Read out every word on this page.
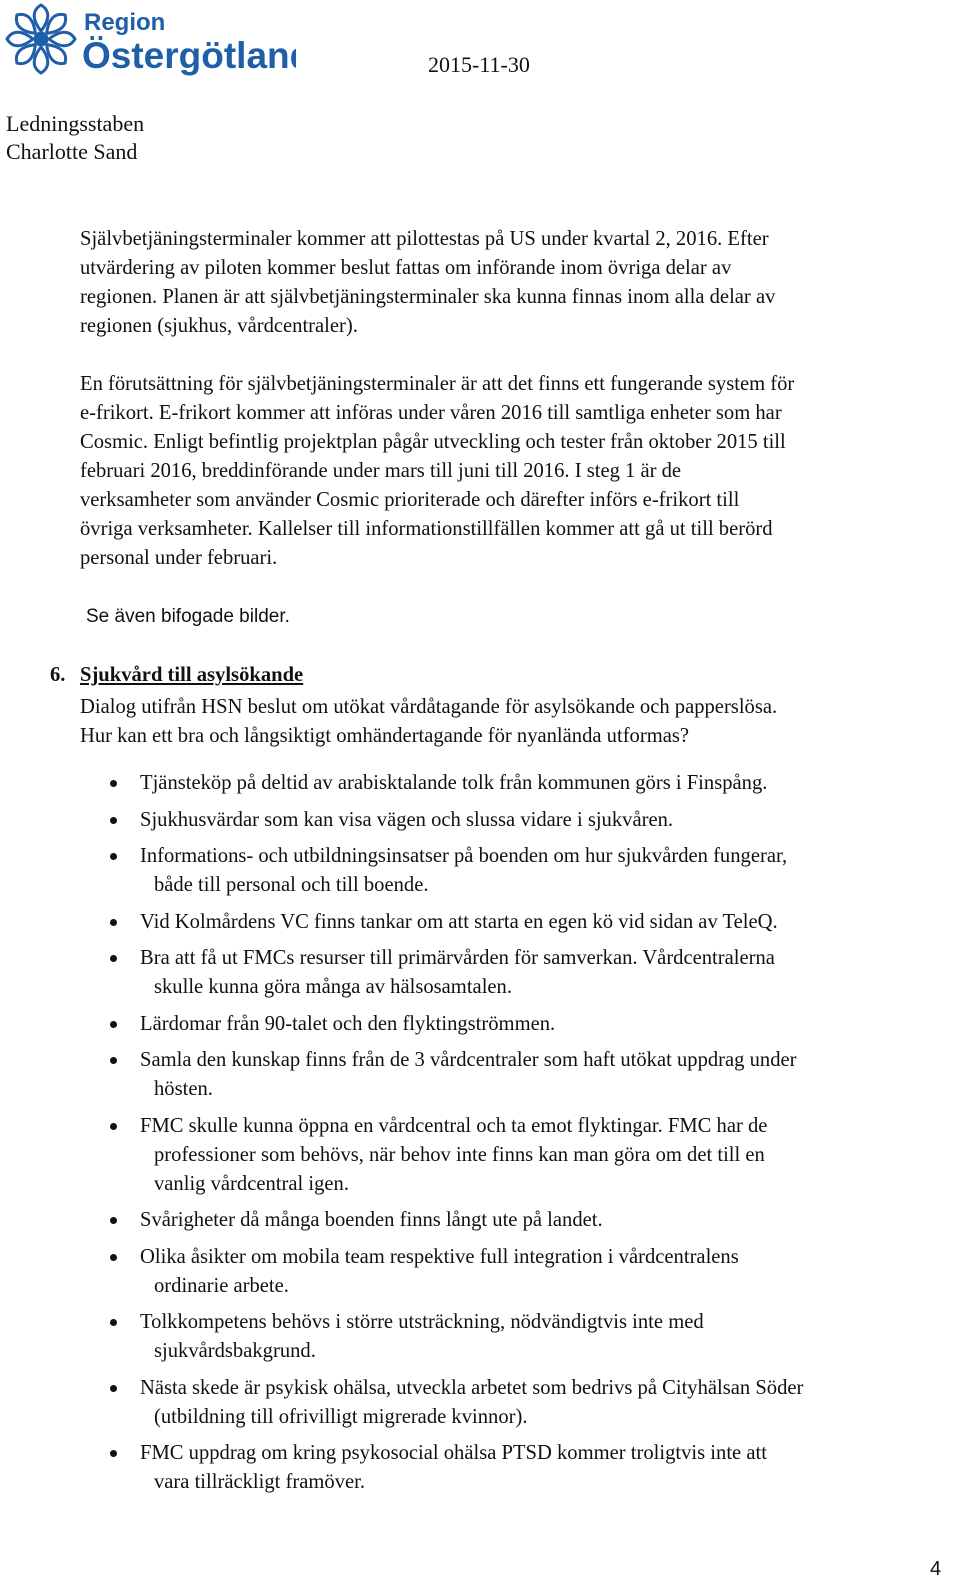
Region
Östergötland	2015-11-30
Ledningsstaben
Charlotte Sand

Självbetjäningsterminaler kommer att pilottestas på US under kvartal 2, 2016. Efter

utvärdering av piloten kommer beslut fattas om införande inom övriga delar av

regionen. Planen är att självbetjäningsterminaler ska kunna finnas inom alla delar av

regionen (sjukhus, vårdcentraler).

En förutsättning för självbetjäningsterminaler är att det finns ett fungerande system för

e-frikort. E-frikort kommer att införas under våren 2016 till samtliga enheter som har

Cosmic. Enligt befintlig projektplan pågår utveckling och tester från oktober 2015 till

februari 2016, breddinförande under mars till juni till 2016. I steg 1 är de

verksamheter som använder Cosmic prioriterade och därefter införs e-frikort till

övriga verksamheter. Kallelser till informationstillfällen kommer att gå ut till berörd

personal under februari.

Se även bifogade bilder.
6. Sjukvård till asylsökande
Dialog utifrån HSN beslut om utökat vårdåtagande för asylsökande och papperslösa.
Hur kan ett bra och långsiktigt omhändertagande för nyanlända utformas?
Tjänsteköp på deltid av arabisktalande tolk från kommunen görs i Finspång.
Sjukhusvärdar som kan visa vägen och slussa vidare i sjukvåren.
Informations- och utbildningsinsatser på boenden om hur sjukvården fungerar,
både till personal och till boende.
Vid Kolmårdens VC finns tankar om att starta en egen kö vid sidan av TeleQ.
Bra att få ut FMCs resurser till primärvården för samverkan. Vårdcentralerna
skulle kunna göra många av hälsosamtalen.
Lärdomar från 90-talet och den flyktingströmmen.
Samla den kunskap finns från de 3 vårdcentraler som haft utökat uppdrag under
hösten.
FMC skulle kunna öppna en vårdcentral och ta emot flyktingar. FMC har de
professioner som behövs, när behov inte finns kan man göra om det till en
vanlig vårdcentral igen.
Svårigheter då många boenden finns långt ute på landet.
Olika åsikter om mobila team respektive full integration i vårdcentralens
ordinarie arbete.
Tolkkompetens behövs i större utsträckning, nödvändigtvis inte med
sjukvårdsbakgrund.
Nästa skede är psykisk ohälsa, utveckla arbetet som bedrivs på Cityhälsan Söder
(utbildning till ofrivilligt migrerade kvinnor).
FMC uppdrag om kring psykosocial ohälsa PTSD kommer troligtvis inte att
vara tillräckligt framöver.
4
